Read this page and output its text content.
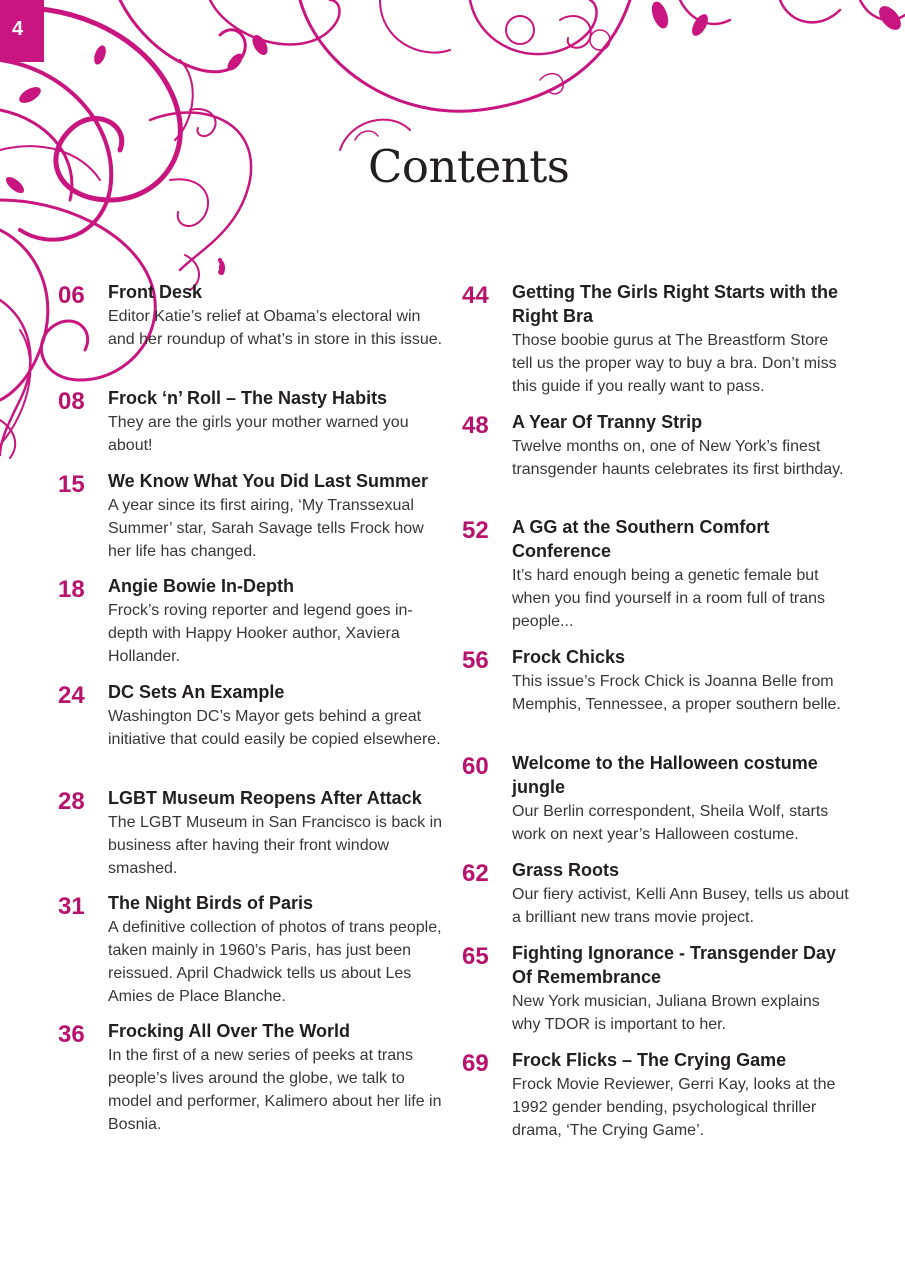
4
Contents
06	Front Desk
Editor Katie’s relief at Obama’s electoral win and her roundup of what’s in store in this issue.
08	Frock ‘n’ Roll – The Nasty Habits
They are the girls your mother warned you about!
15	We Know What You Did Last Summer
A year since its first airing, ‘My Transsexual Summer’ star, Sarah Savage tells Frock how her life has changed.
18	Angie Bowie In-Depth
Frock’s roving reporter and legend goes in-depth with Happy Hooker author, Xaviera Hollander.
24	DC Sets An Example
Washington DC’s Mayor gets behind a great initiative that could easily be copied elsewhere.
28	LGBT Museum Reopens After Attack
The LGBT Museum in San Francisco is back in business after having their front window smashed.
31	The Night Birds of Paris
A definitive collection of photos of trans people, taken mainly in 1960’s Paris, has just been reissued. April Chadwick tells us about Les Amies de Place Blanche.
36	Frocking All Over The World
In the first of a new series of peeks at trans people’s lives around the globe, we talk to model and performer, Kalimero about her life in Bosnia.
44	Getting The Girls Right Starts with the Right Bra
Those boobie gurus at The Breastform Store tell us the proper way to buy a bra. Don’t miss this guide if you really want to pass.
48	A Year Of Tranny Strip
Twelve months on, one of New York’s finest transgender haunts celebrates its first birthday.
52	A GG at the Southern Comfort Conference
It’s hard enough being a genetic female but when you find yourself in a room full of trans people...
56	Frock Chicks
This issue’s Frock Chick is Joanna Belle from Memphis, Tennessee, a proper southern belle.
60	Welcome to the Halloween costume jungle
Our Berlin correspondent, Sheila Wolf, starts work on next year’s Halloween costume.
62	Grass Roots
Our fiery activist, Kelli Ann Busey, tells us about a brilliant new trans movie project.
65	Fighting Ignorance - Transgender Day Of Remembrance
New York musician, Juliana Brown explains why TDOR is important to her.
69	Frock Flicks – The Crying Game
Frock Movie Reviewer, Gerri Kay, looks at the 1992 gender bending, psychological thriller drama, ‘The Crying Game’.
